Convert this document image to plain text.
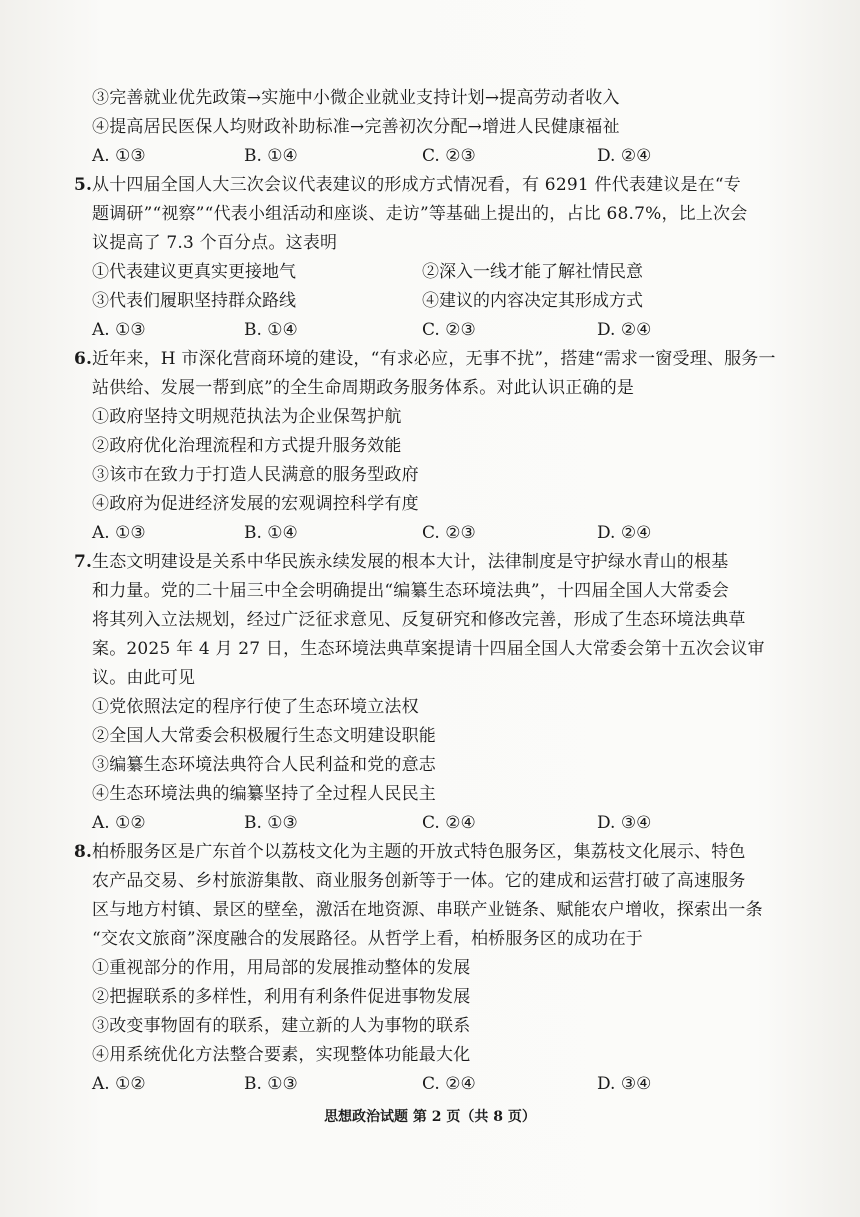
③完善就业优先政策→实施中小微企业就业支持计划→提高劳动者收入
④提高居民医保人均财政补助标准→完善初次分配→增进人民健康福祉
A. ①③	B. ①④	C. ②③	D. ②④
5. 从十四届全国人大三次会议代表建议的形成方式情况看，有 6291 件代表建议是在“专
题调研”“视察”“代表小组活动和座谈、走访”等基础上提出的，占比 68.7%，比上次会
议提高了 7.3 个百分点。这表明
①代表建议更真实更接地气	②深入一线才能了解社情民意
③代表们履职坚持群众路线	④建议的内容决定其形成方式
A. ①③	B. ①④	C. ②③	D. ②④
6. 近年来，H 市深化营商环境的建设，“有求必应，无事不扰”，搭建“需求一窗受理、服务一
站供给、发展一帮到底”的全生命周期政务服务体系。对此认识正确的是
①政府坚持文明规范执法为企业保驾护航
②政府优化治理流程和方式提升服务效能
③该市在致力于打造人民满意的服务型政府
④政府为促进经济发展的宏观调控科学有度
A. ①③	B. ①④	C. ②③	D. ②④
7. 生态文明建设是关系中华民族永续发展的根本大计，法律制度是守护绿水青山的根基
和力量。党的二十届三中全会明确提出“编纂生态环境法典”，十四届全国人大常委会
将其列入立法规划，经过广泛征求意见、反复研究和修改完善，形成了生态环境法典草
案。2025 年 4 月 27 日，生态环境法典草案提请十四届全国人大常委会第十五次会议审
议。由此可见
①党依照法定的程序行使了生态环境立法权
②全国人大常委会积极履行生态文明建设职能
③编纂生态环境法典符合人民利益和党的意志
④生态环境法典的编纂坚持了全过程人民民主
A. ①②	B. ①③	C. ②④	D. ③④
8. 柏桥服务区是广东首个以荔枝文化为主题的开放式特色服务区，集荔枝文化展示、特色
农产品交易、乡村旅游集散、商业服务创新等于一体。它的建成和运营打破了高速服务
区与地方村镇、景区的壁垒，激活在地资源、串联产业链条、赋能农户增收，探索出一条
“交农文旅商”深度融合的发展路径。从哲学上看，柏桥服务区的成功在于
①重视部分的作用，用局部的发展推动整体的发展
②把握联系的多样性，利用有利条件促进事物发展
③改变事物固有的联系，建立新的人为事物的联系
④用系统优化方法整合要素，实现整体功能最大化
A. ①②	B. ①③	C. ②④	D. ③④
思想政治试题 第 2 页（共 8 页）
